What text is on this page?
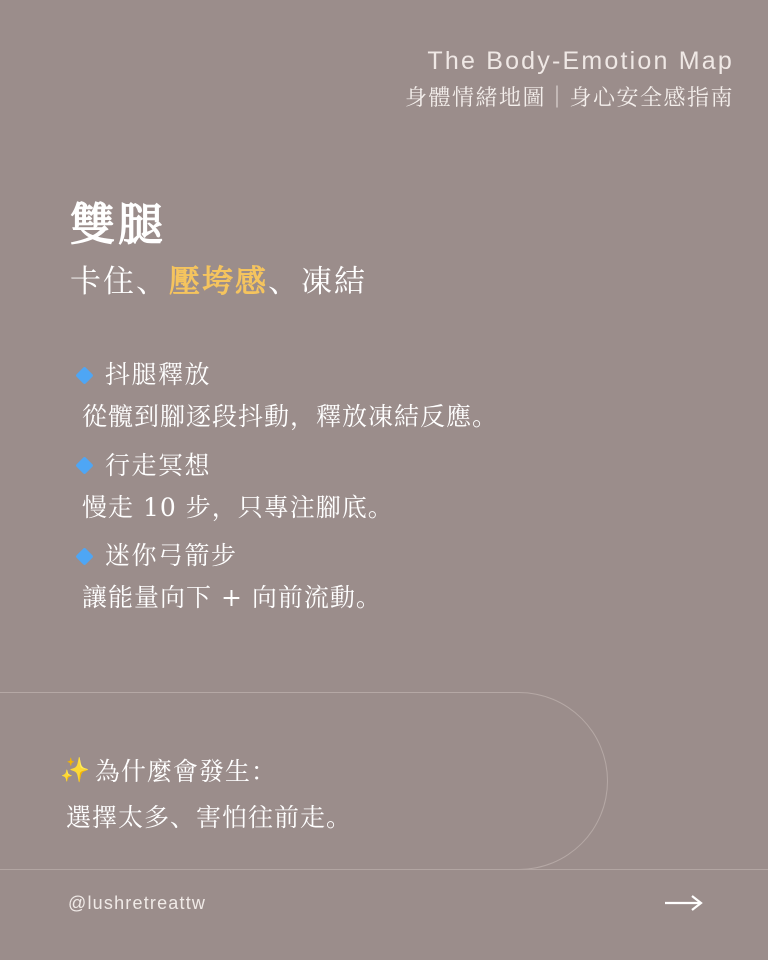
The Body-Emotion Map
身體情緒地圖｜身心安全感指南
雙腿
卡住、壓垮感、凍結
抖腿釋放
從髖到腳逐段抖動，釋放凍結反應。
行走冥想
慢走 10 步，只專注腳底。
迷你弓箭步
讓能量向下 + 向前流動。
✨ 為什麼會發生：
選擇太多、害怕往前走。
@lushretreattw
